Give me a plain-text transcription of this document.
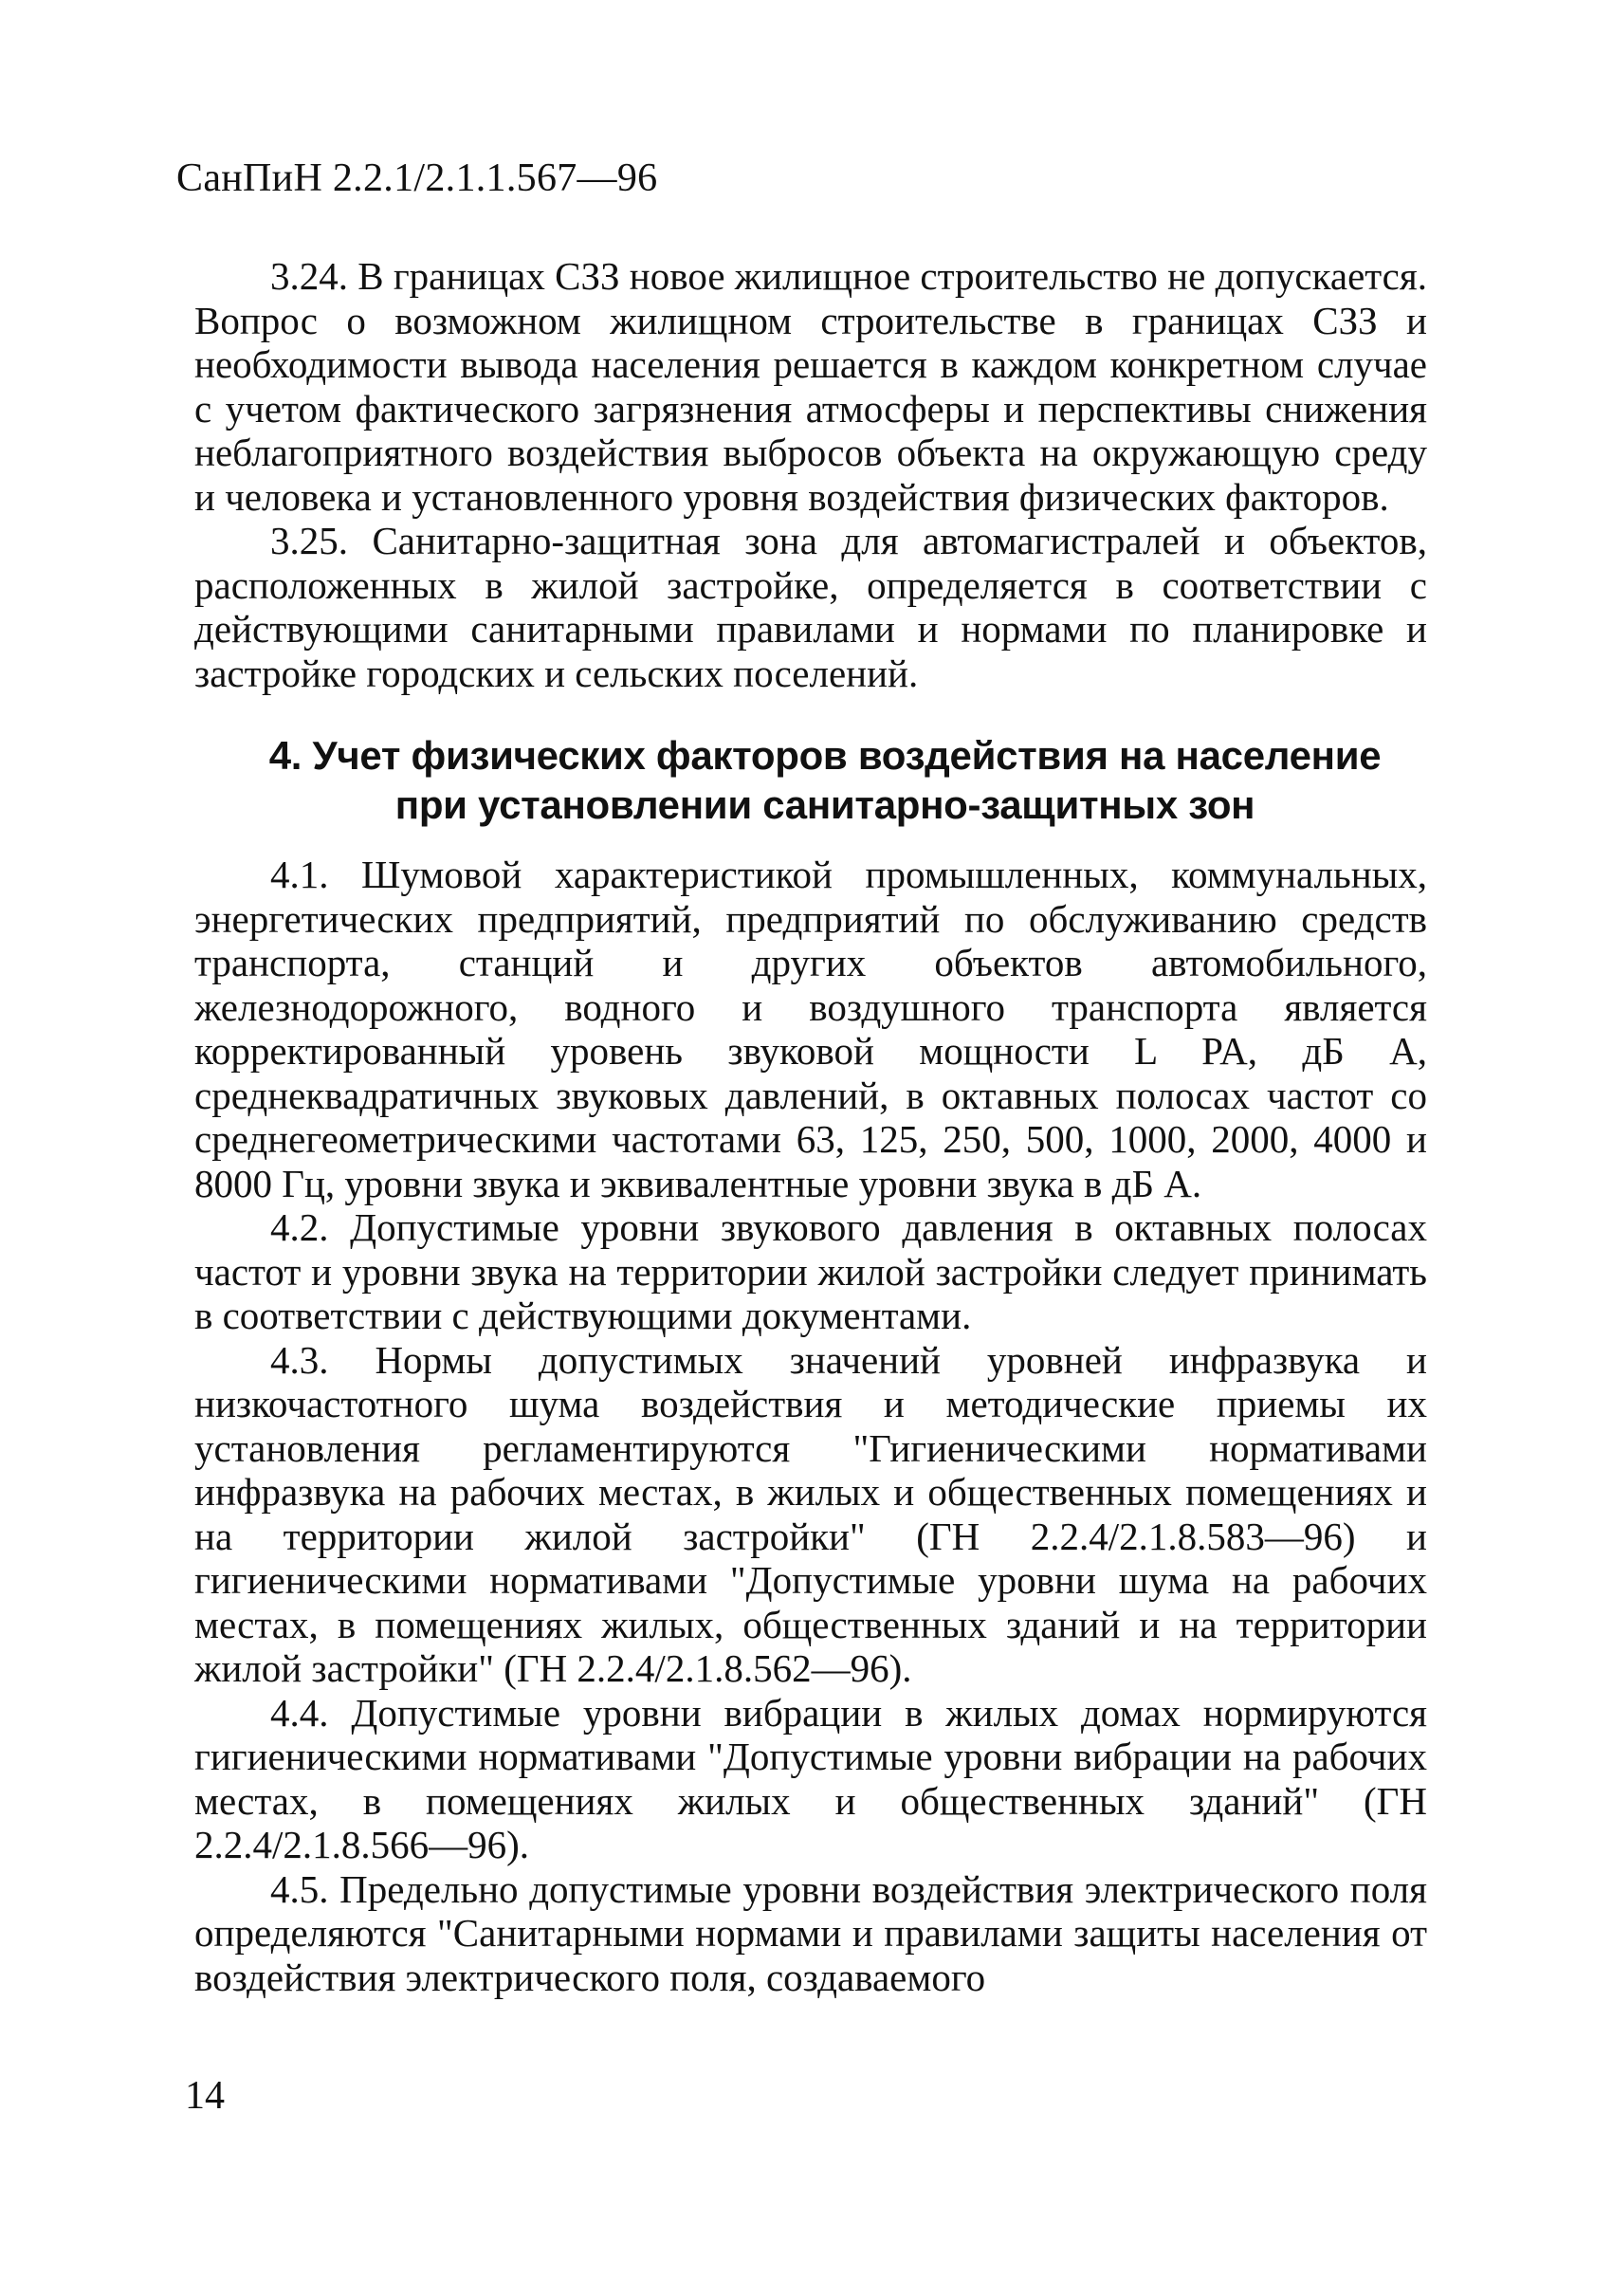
СанПиН 2.2.1/2.1.1.567—96

3.24. В границах СЗЗ новое жилищное строительство не допускается. Вопрос о возможном жилищном строительстве в границах СЗЗ и необходимости вывода населения решается в каждом конкретном случае с учетом фактического загрязнения атмосферы и перспективы снижения неблагоприятного воздействия выбросов объекта на окружающую среду и человека и установленного уровня воздействия физических факторов.

3.25. Санитарно-защитная зона для автомагистралей и объектов, расположенных в жилой застройке, определяется в соответствии с действующими санитарными правилами и нормами по планировке и застройке городских и сельских поселений.

4. Учет физических факторов воздействия на население
при установлении санитарно-защитных зон

4.1. Шумовой характеристикой промышленных, коммунальных, энергетических предприятий, предприятий по обслуживанию средств транспорта, станций и других объектов автомобильного, железнодорожного, водного и воздушного транспорта является корректированный уровень звуковой мощности L PA, дБ А, среднеквадратичных звуковых давлений, в октавных полосах частот со среднегеометрическими частотами 63, 125, 250, 500, 1000, 2000, 4000 и 8000 Гц, уровни звука и эквивалентные уровни звука в дБ А.

4.2. Допустимые уровни звукового давления в октавных полосах частот и уровни звука на территории жилой застройки следует принимать в соответствии с действующими документами.

4.3. Нормы допустимых значений уровней инфразвука и низкочастотного шума воздействия и методические приемы их установления регламентируются "Гигиеническими нормативами инфразвука на рабочих местах, в жилых и общественных помещениях и на территории жилой застройки" (ГН 2.2.4/2.1.8.583—96) и гигиеническими нормативами "Допустимые уровни шума на рабочих местах, в помещениях жилых, общественных зданий и на территории жилой застройки" (ГН 2.2.4/2.1.8.562—96).

4.4. Допустимые уровни вибрации в жилых домах нормируются гигиеническими нормативами "Допустимые уровни вибрации на рабочих местах, в помещениях жилых и общественных зданий" (ГН 2.2.4/2.1.8.566—96).

4.5. Предельно допустимые уровни воздействия электрического поля определяются "Санитарными нормами и правилами защиты населения от воздействия электрического поля, создаваемого

14
